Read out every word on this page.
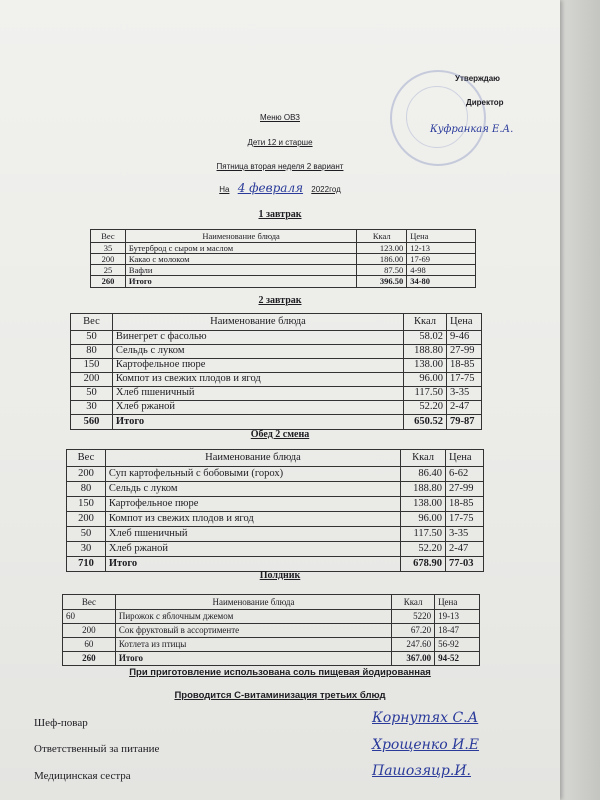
Утверждаю
Директор
Куфранкая Е.А.
Меню ОВЗ
Дети 12 и старше
Пятница вторая неделя 2 вариант
На 4 февраля 2022год
1 завтрак
Вес	Наименование блюда	Ккал	Цена
35	Бутерброд с сыром и маслом	123.00	12-13
200	Какао с молоком	186.00	17-69
25	Вафли	87.50	4-98
260	Итого	396.50	34-80
2 завтрак
Вес	Наименование блюда	Ккал	Цена
50	Винегрет с фасолью	58.02	9-46
80	Сельдь с луком	188.80	27-99
150	Картофельное пюре	138.00	18-85
200	Компот из свежих плодов и ягод	96.00	17-75
50	Хлеб пшеничный	117.50	3-35
30	Хлеб ржаной	52.20	2-47
560	Итого	650.52	79-87
Обед 2 смена
Вес	Наименование блюда	Ккал	Цена
200	Суп картофельный с бобовыми (горох)	86.40	6-62
80	Сельдь с луком	188.80	27-99
150	Картофельное пюре	138.00	18-85
200	Компот из свежих плодов и ягод	96.00	17-75
50	Хлеб пшеничный	117.50	3-35
30	Хлеб ржаной	52.20	2-47
710	Итого	678.90	77-03
Полдник
Вес	Наименование блюда	Ккал	Цена
60	Пирожок с яблочным джемом	5220	19-13
200	Сок фруктовый в ассортименте	67.20	18-47
60	Котлета из птицы	247.60	56-92
260	Итого	367.00	94-52
При приготовление использована соль пищевая йодированная
Проводится С-витаминизация третьих блюд
Шеф-повар	Корнутях С.А
Ответственный за питание	Хрощенко И.Е
Медицинская сестра	Пашозяцр.И.
